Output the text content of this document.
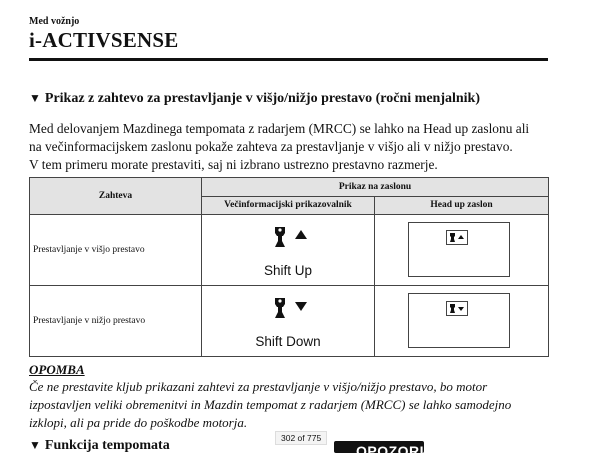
Med vožnjo
i-ACTIVSENSE
▼ Prikaz z zahtevo za prestavljanje v višjo/nižjo prestavo (ročni menjalnik)
Med delovanjem Mazdinega tempomata z radarjem (MRCC) se lahko na Head up zaslonu ali
na večinformacijskem zaslonu pokaže zahteva za prestavljanje v višjo ali v nižjo prestavo.
V tem primeru morate prestaviti, saj ni izbrano ustrezno prestavno razmerje.
Zahteva	Prikaz na zaslonu	
	Večinformacijski prikazovalnik	Head up zaslon
Prestavljanje v višjo prestavo	Shift Up

Prestavljanje v nižjo prestavo	Shift Down

OPOMBA
Če ne prestavite kljub prikazani zahtevi za prestavljanje v višjo/nižjo prestavo, bo motor
izpostavljen veliki obremenitvi in Mazdin tempomat z radarjem (MRCC) se lahko samodejno
izklopi, ali pa pride do poškodbe motorja.
▼ Funkcija tempomata	302 of 775
OPOZORILO
